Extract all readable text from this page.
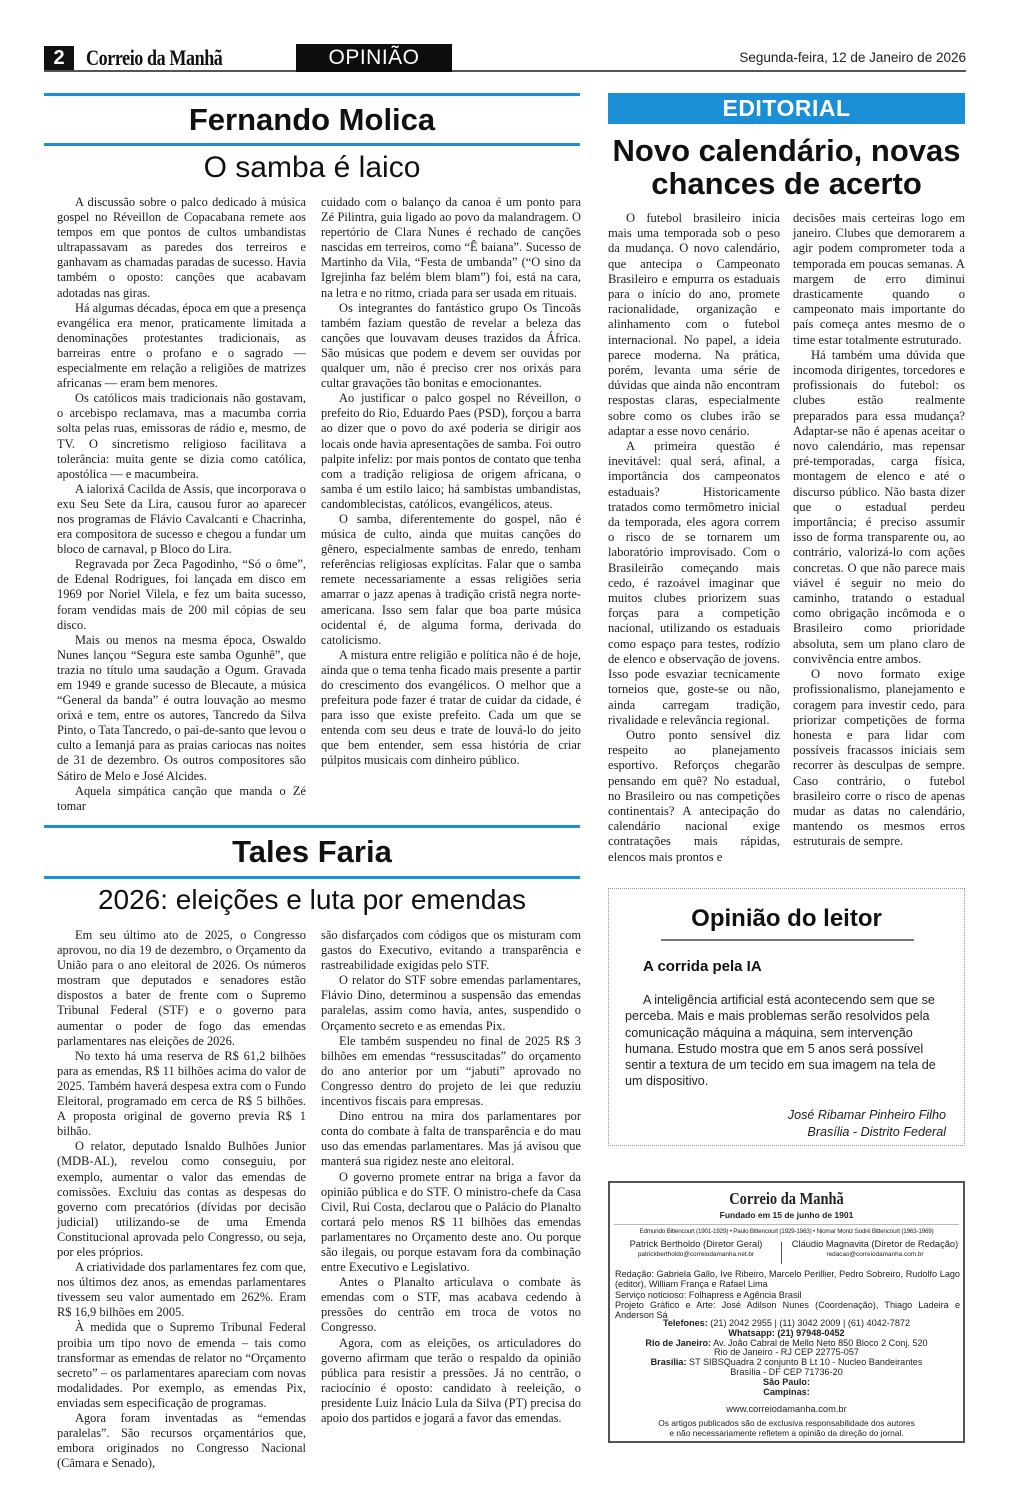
2 Correio da Manhã	OPINIÃO	Segunda-feira, 12 de Janeiro de 2026
Fernando Molica
O samba é laico

A discussão sobre o palco dedicado à música gospel no Réveillon de Copacabana remete aos tempos em que pontos de cultos umbandistas ultrapassavam as paredes dos terreiros e ganhavam as chamadas paradas de sucesso. Havia também o oposto: canções que acabavam adotadas nas giras.

Há algumas décadas, época em que a presença evangélica era menor, praticamente limitada a denominações protestantes tradicionais, as barreiras entre o profano e o sagrado — especialmente em relação a religiões de matrizes africanas — eram bem menores.

Os católicos mais tradicionais não gostavam, o arcebispo reclamava, mas a macumba corria solta pelas ruas, emissoras de rádio e, mesmo, de TV. O sincretismo religioso facilitava a tolerância: muita gente se dizia como católica, apostólica — e macumbeira.

A ialorixá Cacilda de Assis, que incorporava o exu Seu Sete da Lira, causou furor ao aparecer nos programas de Flávio Cavalcanti e Chacrinha, era compositora de sucesso e chegou a fundar um bloco de carnaval, p Bloco do Lira.

Regravada por Zeca Pagodinho, “Só o ôme”, de Edenal Rodrigues, foi lançada em disco em 1969 por Noriel Vilela, e fez um baita sucesso, foram vendidas mais de 200 mil cópias de seu disco.

Mais ou menos na mesma época, Oswaldo Nunes lançou “Segura este samba Ogunhê”, que trazia no título uma saudação a Ogum. Gravada em 1949 e grande sucesso de Blecaute, a música “General da banda” é outra louvação ao mesmo orixá e tem, entre os autores, Tancredo da Silva Pinto, o Tata Tancredo, o pai-de-santo que levou o culto a Iemanjá para as praias cariocas nas noites de 31 de dezembro. Os outros compositores são Sátiro de Melo e José Alcides.

Aquela simpática canção que manda o Zé tomar

cuidado com o balanço da canoa é um ponto para Zé Pilintra, guia ligado ao povo da malandragem. O repertório de Clara Nunes é rechado de canções nascidas em terreiros, como “Ê baiana”. Sucesso de Martinho da Vila, “Festa de umbanda” (“O sino da Igrejinha faz belém blem blam”) foi, está na cara, na letra e no ritmo, criada para ser usada em rituais.

Os integrantes do fantástico grupo Os Tincoãs também faziam questão de revelar a beleza das canções que louvavam deuses trazidos da África. São músicas que podem e devem ser ouvidas por qualquer um, não é preciso crer nos orixás para cultar gravações tão bonitas e emocionantes.

Ao justificar o palco gospel no Réveillon, o prefeito do Rio, Eduardo Paes (PSD), forçou a barra ao dizer que o povo do axé poderia se dirigir aos locais onde havia apresentações de samba. Foi outro palpite infeliz: por mais pontos de contato que tenha com a tradição religiosa de origem africana, o samba é um estilo laico; há sambistas umbandistas, candomblecistas, católicos, evangélicos, ateus.

O samba, diferentemente do gospel, não é música de culto, ainda que muitas canções do gênero, especialmente sambas de enredo, tenham referências religiosas explícitas. Falar que o samba remete necessariamente a essas religiões seria amarrar o jazz apenas à tradição cristã negra norte-americana. Isso sem falar que boa parte música ocidental é, de alguma forma, derivada do catolicismo.

A mistura entre religião e política não é de hoje, ainda que o tema tenha ficado mais presente a partir do crescimento dos evangélicos. O melhor que a prefeitura pode fazer é tratar de cuidar da cidade, é para isso que existe prefeito. Cada um que se entenda com seu deus e trate de louvá-lo do jeito que bem entender, sem essa história de criar púlpitos musicais com dinheiro público.

EDITORIAL
Novo calendário, novas chances de acerto

O futebol brasileiro inicia mais uma temporada sob o peso da mudança. O novo calendário, que antecipa o Campeonato Brasileiro e empurra os estaduais para o início do ano, promete racionalidade, organização e alinhamento com o futebol internacional. No papel, a ideia parece moderna. Na prática, porém, levanta uma série de dúvidas que ainda não encontram respostas claras, especialmente sobre como os clubes irão se adaptar a esse novo cenário.

A primeira questão é inevitável: qual será, afinal, a importância dos campeonatos estaduais? Historicamente tratados como termômetro inicial da temporada, eles agora correm o risco de se tornarem um laboratório improvisado. Com o Brasileirão começando mais cedo, é razoável imaginar que muitos clubes priorizem suas forças para a competição nacional, utilizando os estaduais como espaço para testes, rodízio de elenco e observação de jovens. Isso pode esvaziar tecnicamente torneios que, goste-se ou não, ainda carregam tradição, rivalidade e relevância regional.

Outro ponto sensível diz respeito ao planejamento esportivo. Reforços chegarão pensando em quê? No estadual, no Brasileiro ou nas competições continentais? A antecipação do calendário nacional exige contratações mais rápidas, elencos mais prontos e

decisões mais certeiras logo em janeiro. Clubes que demorarem a agir podem comprometer toda a temporada em poucas semanas. A margem de erro diminui drasticamente quando o campeonato mais importante do país começa antes mesmo de o time estar totalmente estruturado.

Há também uma dúvida que incomoda dirigentes, torcedores e profissionais do futebol: os clubes estão realmente preparados para essa mudança? Adaptar-se não é apenas aceitar o novo calendário, mas repensar pré-temporadas, carga física, montagem de elenco e até o discurso público. Não basta dizer que o estadual perdeu importância; é preciso assumir isso de forma transparente ou, ao contrário, valorizá-lo com ações concretas. O que não parece mais viável é seguir no meio do caminho, tratando o estadual como obrigação incômoda e o Brasileiro como prioridade absoluta, sem um plano claro de convivência entre ambos.

O novo formato exige profissionalismo, planejamento e coragem para investir cedo, para priorizar competições de forma honesta e para lidar com possíveis fracassos iniciais sem recorrer às desculpas de sempre. Caso contrário, o futebol brasileiro corre o risco de apenas mudar as datas no calendário, mantendo os mesmos erros estruturais de sempre.

Tales Faria
2026: eleições e luta por emendas

Em seu último ato de 2025, o Congresso aprovou, no dia 19 de dezembro, o Orçamento da União para o ano eleitoral de 2026. Os números mostram que deputados e senadores estão dispostos a bater de frente com o Supremo Tribunal Federal (STF) e o governo para aumentar o poder de fogo das emendas parlamentares nas eleições de 2026.

No texto há uma reserva de R$ 61,2 bilhões para as emendas, R$ 11 bilhões acima do valor de 2025. Também haverá despesa extra com o Fundo Eleitoral, programado em cerca de R$ 5 bilhões. A proposta original de governo previa R$ 1 bilhão.

O relator, deputado Isnaldo Bulhões Junior (MDB-AL), revelou como conseguiu, por exemplo, aumentar o valor das emendas de comissões. Excluiu das contas as despesas do governo com precatórios (dívidas por decisão judicial) utilizando-se de uma Emenda Constitucional aprovada pelo Congresso, ou seja, por eles próprios.

A criatividade dos parlamentares fez com que, nos últimos dez anos, as emendas parlamentares tivessem seu valor aumentado em 262%. Eram R$ 16,9 bilhões em 2005.

À medida que o Supremo Tribunal Federal proibia um tipo novo de emenda – tais como transformar as emendas de relator no “Orçamento secreto” – os parlamentares apareciam com novas modalidades. Por exemplo, as emendas Pix, enviadas sem especificação de programas.

Agora foram inventadas as “emendas paralelas”. São recursos orçamentários que, embora originados no Congresso Nacional (Câmara e Senado),

são disfarçados com códigos que os misturam com gastos do Executivo, evitando a transparência e rastreabilidade exigidas pelo STF.

O relator do STF sobre emendas parlamentares, Flávio Dino, determinou a suspensão das emendas paralelas, assim como havia, antes, suspendido o Orçamento secreto e as emendas Pix.

Ele também suspendeu no final de 2025 R$ 3 bilhões em emendas “ressuscitadas” do orçamento do ano anterior por um “jabuti” aprovado no Congresso dentro do projeto de lei que reduziu incentivos fiscais para empresas.

Dino entrou na mira dos parlamentares por conta do combate à falta de transparência e do mau uso das emendas parlamentares. Mas já avisou que manterá sua rigidez neste ano eleitoral.

O governo promete entrar na briga a favor da opinião pública e do STF. O ministro-chefe da Casa Civil, Rui Costa, declarou que o Palácio do Planalto cortará pelo menos R$ 11 bilhões das emendas parlamentares no Orçamento deste ano. Ou porque são ilegais, ou porque estavam fora da combinação entre Executivo e Legislativo.

Antes o Planalto articulava o combate às emendas com o STF, mas acabava cedendo à pressões do centrão em troca de votos no Congresso.

Agora, com as eleições, os articuladores do governo afirmam que terão o respaldo da opinião pública para resistir a pressões. Já no centrão, o raciocínio é oposto: candidato à reeleição, o presidente Luiz Inácio Lula da Silva (PT) precisa do apoio dos partidos e jogará a favor das emendas.

Opinião do leitor
A corrida pela IA

A inteligência artificial está acontecendo sem que se perceba. Mais e mais problemas serão resolvidos pela comunicação máquina a máquina, sem intervenção humana. Estudo mostra que em 5 anos será possível sentir a textura de um tecido em sua imagem na tela de um dispositivo.

José Ribamar Pinheiro Filho
Brasília - Distrito Federal
Correio da Manhã
Fundado em 15 de junho de 1901
Edmundo Bittencourt (1901-1929) • Paulo Bittencourt (1929-1963) • Niomar Moniz Sodré Bittencourt (1963-1969)
Patrick Bertholdo (Diretor Geral)
patrickbertholdo@correiodamanha.net.br
Cláudio Magnavita (Diretor de Redação)
redacao@correiodamanha.com.br
Redação: Gabriela Gallo, Ive Ribeiro, Marcelo Perillier, Pedro Sobreiro, Rudolfo Lago (editor), William França e Rafael Lima
Serviço noticioso: Folhapress e Agência Brasil
Projeto Gráfico e Arte: José Adilson Nunes (Coordenação), Thiago Ladeira e Anderson Sá
Telefones: (21) 2042 2955 | (11) 3042 2009 | (61) 4042-7872
Whatsapp: (21) 97948-0452
Rio de Janeiro: Av. João Cabral de Mello Neto 850 Bloco 2 Conj. 520
Rio de Janeiro - RJ CEP 22775-057
Brasília: ST SIBSQuadra 2 conjunto B Lt 10 - Nucleo Bandeirantes
Brasília - DF CEP 71736-20
São Paulo:
Campinas:
www.correiodamanha.com.br
Os artigos publicados são de exclusiva responsabilidade dos autores
e não necessariamente refletem a opinião da direção do jornal.
